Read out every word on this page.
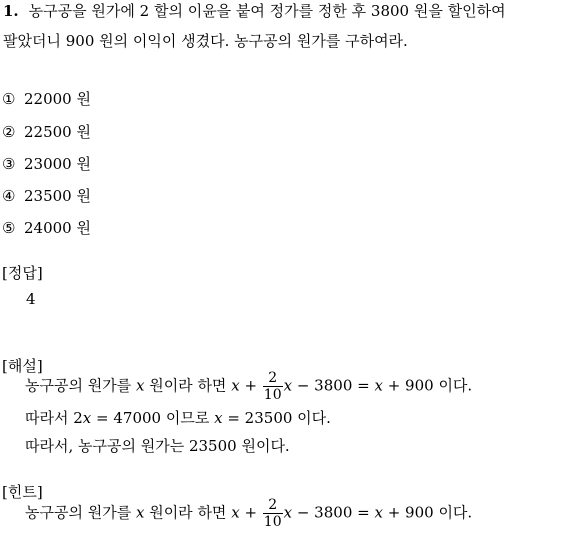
1. 농구공을 원가에 2 할의 이윤을 붙여 정가를 정한 후 3800 원을 할인하여
팔았더니 900 원의 이익이 생겼다. 농구공의 원가를 구하여라.
① 22000 원
② 22500 원
③ 23000 원
④ 23500 원
⑤ 24000 원
[정답]
4
[해설]
농구공의 원가를 x 원이라 하면 $x + \frac{2}{10}$ x − 3800 = x + 900 이다.
따라서 2x = 47000 이므로 x = 23500 이다.
따라서, 농구공의 원가는 23500 원이다.
[힌트]
농구공의 원가를 x 원이라 하면 $x + \frac{2}{10}$ x − 3800 = x + 900 이다.
